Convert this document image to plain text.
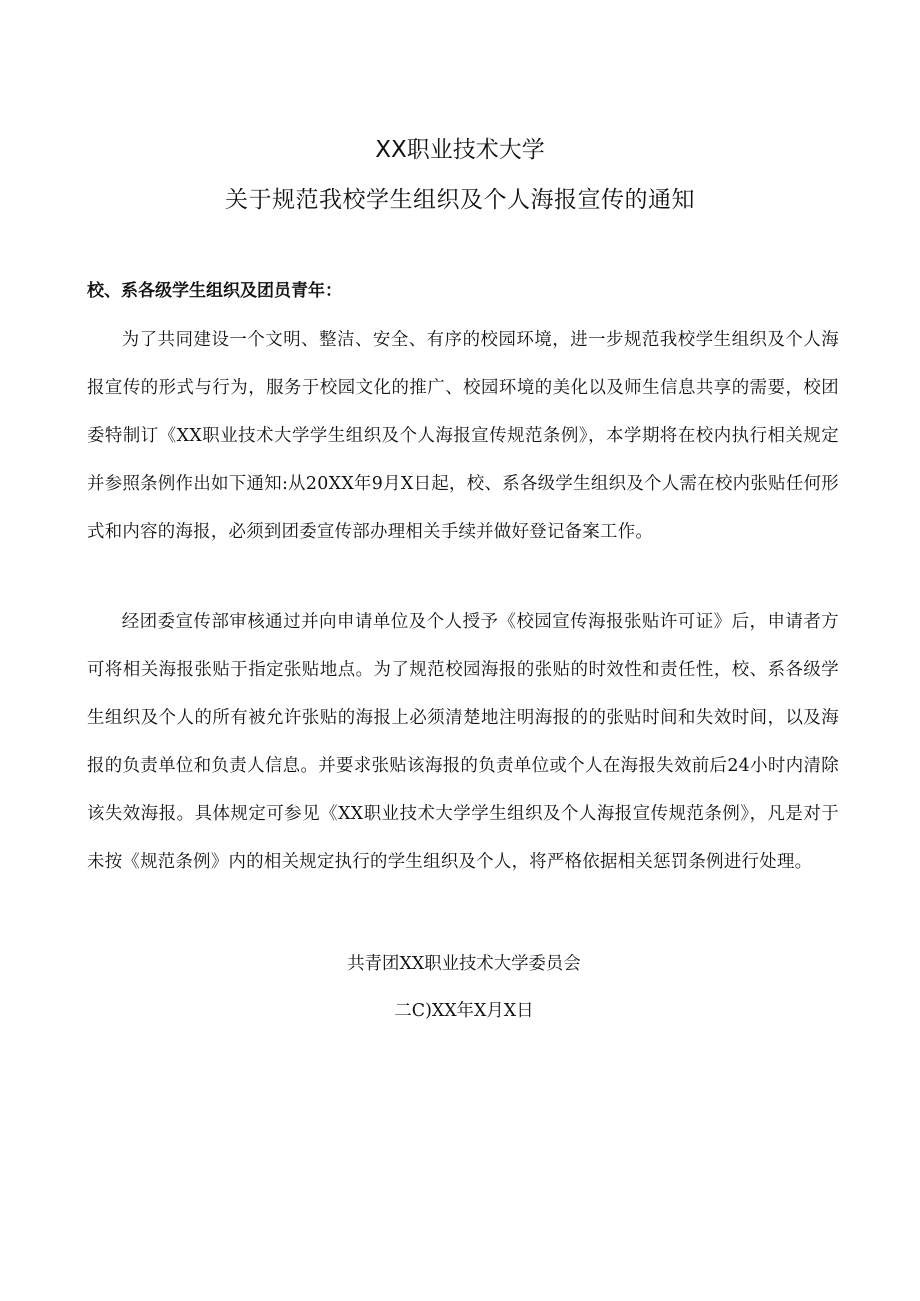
XX职业技术大学
关于规范我校学生组织及个人海报宣传的通知
校、系各级学生组织及团员青年：
为了共同建设一个文明、整洁、安全、有序的校园环境，进一步规范我校学生组织及个人海报宣传的形式与行为，服务于校园文化的推广、校园环境的美化以及师生信息共享的需要，校团委特制订《XX职业技术大学学生组织及个人海报宣传规范条例》，本学期将在校内执行相关规定并参照条例作出如下通知:从20XX年9月X日起，校、系各级学生组织及个人需在校内张贴任何形式和内容的海报，必须到团委宣传部办理相关手续并做好登记备案工作。
经团委宣传部审核通过并向申请单位及个人授予《校园宣传海报张贴许可证》后，申请者方可将相关海报张贴于指定张贴地点。为了规范校园海报的张贴的时效性和责任性，校、系各级学生组织及个人的所有被允许张贴的海报上必须清楚地注明海报的的张贴时间和失效时间，以及海报的负责单位和负责人信息。并要求张贴该海报的负责单位或个人在海报失效前后24小时内清除该失效海报。具体规定可参见《XX职业技术大学学生组织及个人海报宣传规范条例》，凡是对于未按《规范条例》内的相关规定执行的学生组织及个人，将严格依据相关惩罚条例进行处理。
共青团XX职业技术大学委员会
二C)XX年X月X日
